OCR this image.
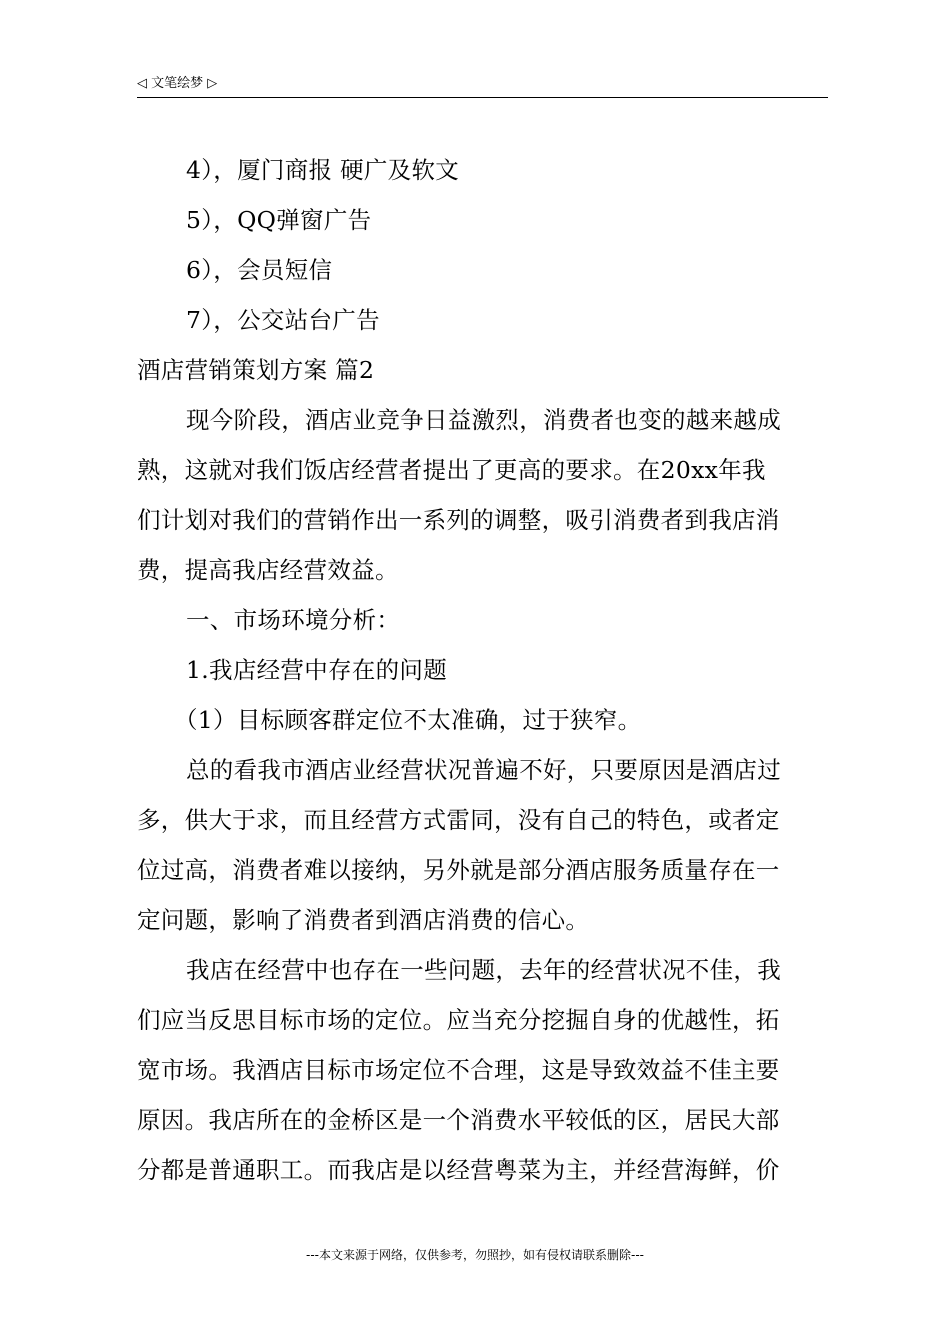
◁ 文笔绘梦 ▷
4），厦门商报 硬广及软文
5），QQ弹窗广告
6），会员短信
7），公交站台广告
酒店营销策划方案 篇2
现今阶段，酒店业竞争日益激烈，消费者也变的越来越成
熟，这就对我们饭店经营者提出了更高的要求。在20xx年我
们计划对我们的营销作出一系列的调整，吸引消费者到我店消
费，提高我店经营效益。
一、市场环境分析：
1.我店经营中存在的问题
（1）目标顾客群定位不太准确，过于狭窄。
总的看我市酒店业经营状况普遍不好，只要原因是酒店过
多，供大于求，而且经营方式雷同，没有自己的特色，或者定
位过高，消费者难以接纳，另外就是部分酒店服务质量存在一
定问题，影响了消费者到酒店消费的信心。
我店在经营中也存在一些问题，去年的经营状况不佳，我
们应当反思目标市场的定位。应当充分挖掘自身的优越性，拓
宽市场。我酒店目标市场定位不合理，这是导致效益不佳主要
原因。我店所在的金桥区是一个消费水平较低的区，居民大部
分都是普通职工。而我店是以经营粤菜为主，并经营海鲜，价
---本文来源于网络，仅供参考，勿照抄，如有侵权请联系删除---
